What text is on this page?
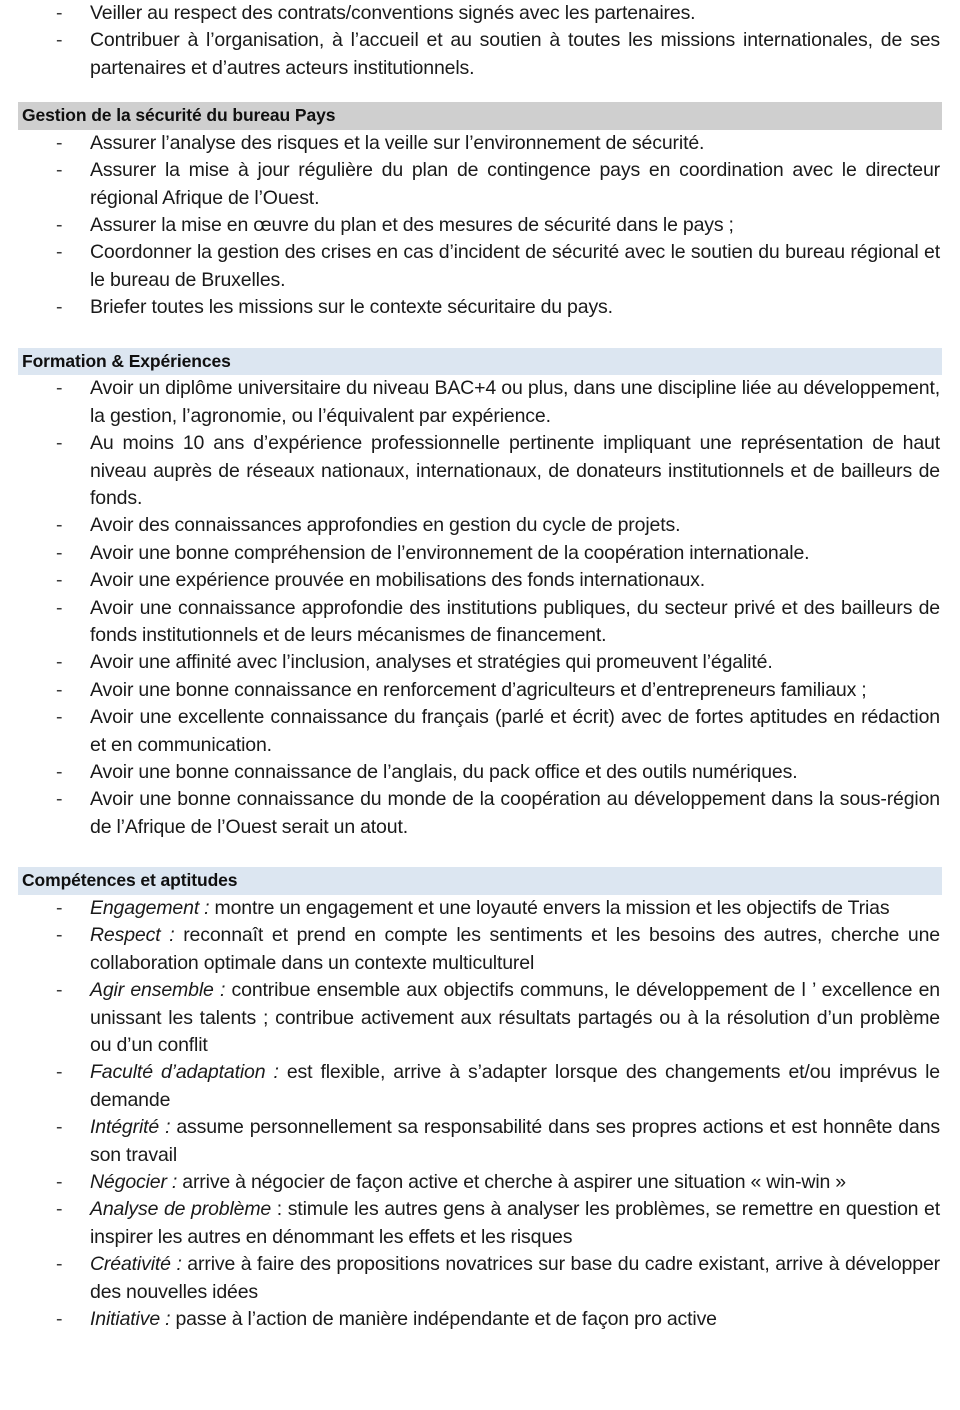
- Veiller au respect des contrats/conventions signés avec les partenaires.
- Contribuer à l’organisation, à l’accueil et au soutien à toutes les missions internationales, de ses partenaires et d’autres acteurs institutionnels.
Gestion de la sécurité du bureau Pays
- Assurer l’analyse des risques et la veille sur l’environnement de sécurité.
- Assurer la mise à jour régulière du plan de contingence pays en coordination avec le directeur régional Afrique de l’Ouest.
- Assurer la mise en œuvre du plan et des mesures de sécurité dans le pays ;
- Coordonner la gestion des crises en cas d’incident de sécurité avec le soutien du bureau régional et le bureau de Bruxelles.
- Briefer toutes les missions sur le contexte sécuritaire du pays.
Formation & Expériences
- Avoir un diplôme universitaire du niveau BAC+4 ou plus, dans une discipline liée au développement, la gestion, l’agronomie, ou l’équivalent par expérience.
- Au moins 10 ans d’expérience professionnelle pertinente impliquant une représentation de haut niveau auprès de réseaux nationaux, internationaux, de donateurs institutionnels et de bailleurs de fonds.
- Avoir des connaissances approfondies en gestion du cycle de projets.
- Avoir une bonne compréhension de l’environnement de la coopération internationale.
- Avoir une expérience prouvée en mobilisations des fonds internationaux.
- Avoir une connaissance approfondie des institutions publiques, du secteur privé et des bailleurs de fonds institutionnels et de leurs mécanismes de financement.
- Avoir une affinité avec l’inclusion, analyses et stratégies qui promeuvent l’égalité.
- Avoir une bonne connaissance en renforcement d’agriculteurs et d’entrepreneurs familiaux ;
- Avoir une excellente connaissance du français (parlé et écrit) avec de fortes aptitudes en rédaction et en communication.
- Avoir une bonne connaissance de l’anglais, du pack office et des outils numériques.
- Avoir une bonne connaissance du monde de la coopération au développement dans la sous-région de l’Afrique de l’Ouest serait un atout.
Compétences et aptitudes
- Engagement : montre un engagement et une loyauté envers la mission et les objectifs de Trias
- Respect : reconnaît et prend en compte les sentiments et les besoins des autres, cherche une collaboration optimale dans un contexte multiculturel
- Agir ensemble : contribue ensemble aux objectifs communs, le développement de l ’ excellence en unissant les talents ; contribue activement aux résultats partagés ou à la résolution d’un problème ou d’un conflit
- Faculté d’adaptation : est flexible, arrive à s’adapter lorsque des changements et/ou imprévus le demande
- Intégrité : assume personnellement sa responsabilité dans ses propres actions et est honnête dans son travail
- Négocier : arrive à négocier de façon active et cherche à aspirer une situation « win-win »
- Analyse de problème : stimule les autres gens à analyser les problèmes, se remettre en question et inspirer les autres en dénommant les effets et les risques
- Créativité : arrive à faire des propositions novatrices sur base du cadre existant, arrive à développer des nouvelles idées
- Initiative : passe à l’action de manière indépendante et de façon pro active
